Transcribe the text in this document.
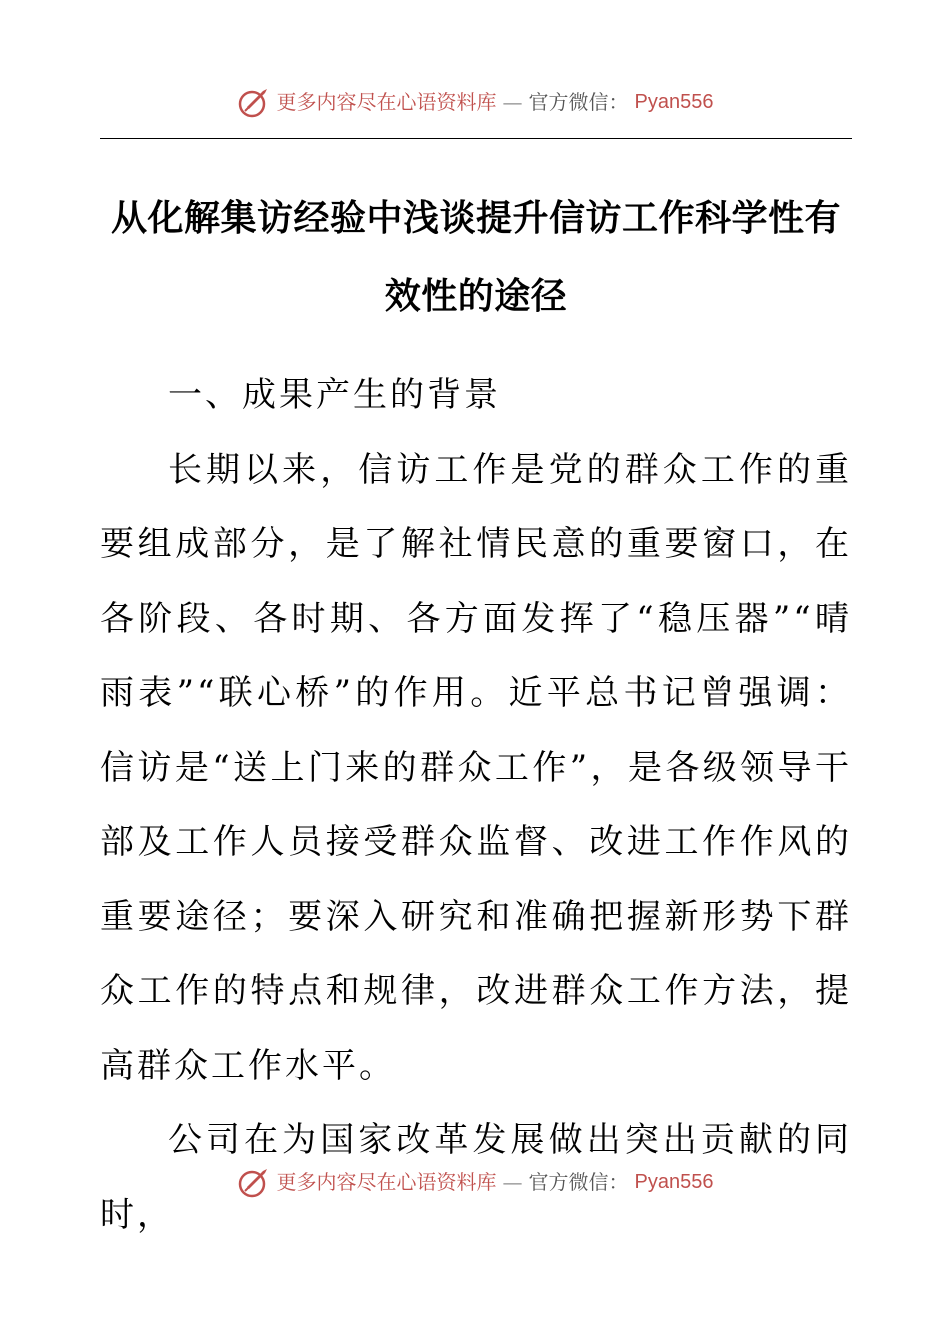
更多内容尽在心语资料库 — 官方微信： Pyan556
从化解集访经验中浅谈提升信访工作科学性有效性的途径

一、成果产生的背景

长期以来，信访工作是党的群众工作的重要组成部分，是了解社情民意的重要窗口，在各阶段、各时期、各方面发挥了“稳压器”“晴雨表”“联心桥”的作用。近平总书记曾强调：信访是“送上门来的群众工作”，是各级领导干部及工作人员接受群众监督、改进工作作风的重要途径；要深入研究和准确把握新形势下群众工作的特点和规律，改进群众工作方法，提高群众工作水平。

公司在为国家改革发展做出突出贡献的同时，

更多内容尽在心语资料库 — 官方微信： Pyan556
